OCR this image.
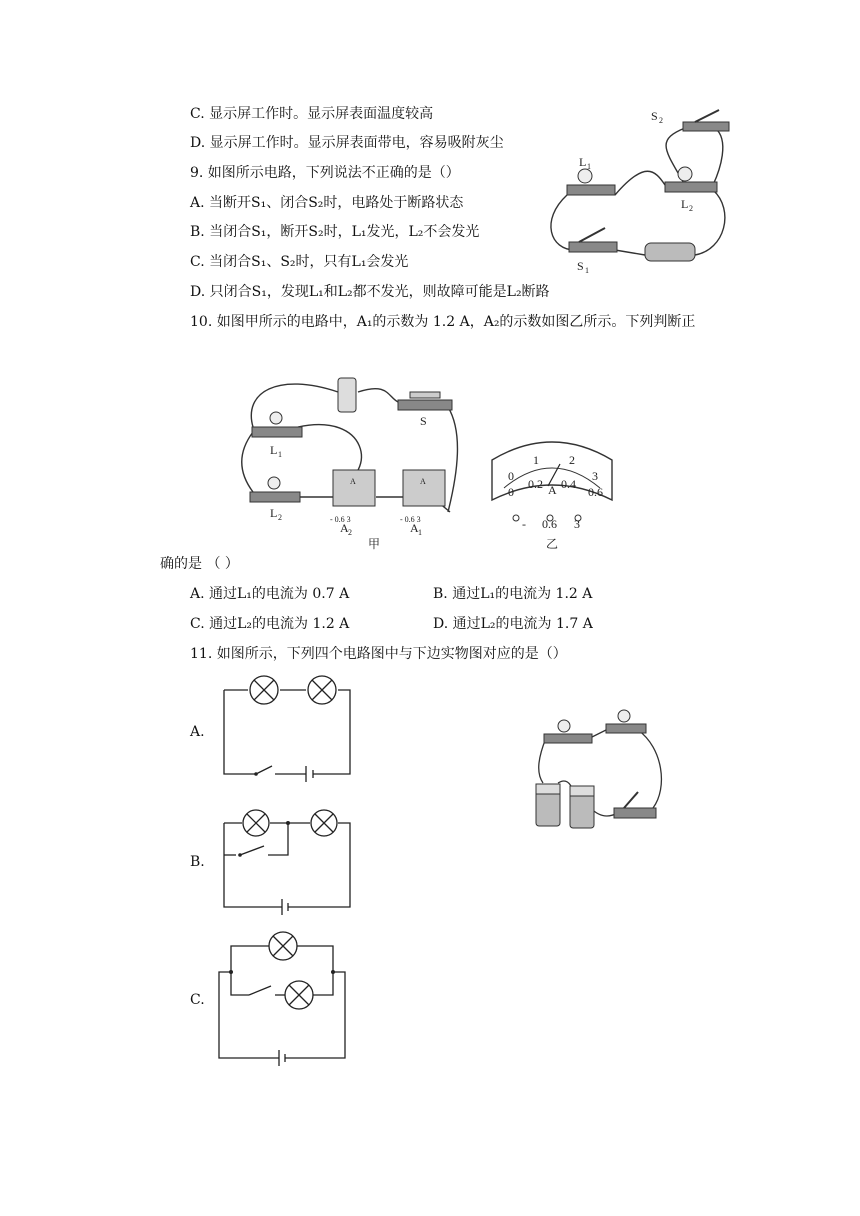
C. 显示屏工作时。显示屏表面温度较高
D. 显示屏工作时。显示屏表面带电，容易吸附灰尘
9. 如图所示电路，下列说法不正确的是（）
A. 当断开S₁、闭合S₂时，电路处于断路状态
B. 当闭合S₁，断开S₂时，L₁发光，L₂不会发光
C. 当闭合S₁、S₂时，只有L₁会发光
D. 只闭合S₁，发现L₁和L₂都不发光，则故障可能是L₂断路
L 1
L 2
S 2
S 1
10. 如图甲所示的电路中，A₁的示数为 1.2 A，A₂的示数如图乙所示。下列判断正
S
L 1
L 2
A
- 0.6 3
A 2
A
- 0.6 3
A 1
甲
0
1	2
3
0
0.2 0.4
0.6
A
- 0.6 3
乙
确的是 （ ）
A. 通过L₁的电流为 0.7 A	B. 通过L₁的电流为 1.2 A
C. 通过L₂的电流为 1.2 A	D. 通过L₂的电流为 1.7 A
11. 如图所示，下列四个电路图中与下边实物图对应的是（）
A.
B.
C.
